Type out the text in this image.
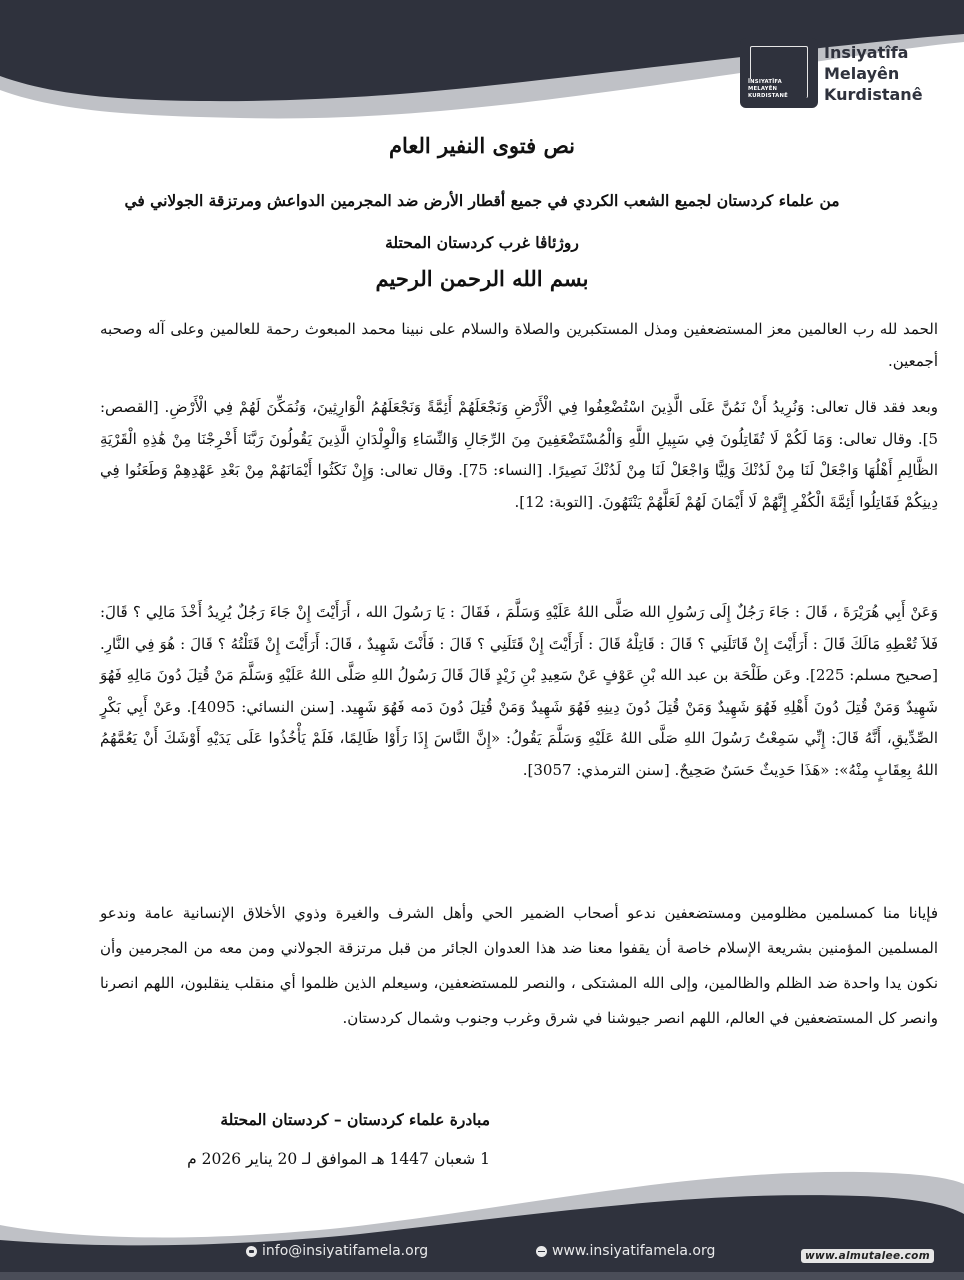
ÎNSIYATÎFA
MELAYÊN
KURDISTANÊ
Însiyatîfa
Melayên
Kurdistanê
نص فتوى النفير العام
من علماء كردستان لجميع الشعب الكردي في جميع أقطار الأرض ضد المجرمين الدواعش ومرتزقة الجولاني في روژئاڤا غرب كردستان المحتلة
بسم الله الرحمن الرحيم
الحمد لله رب العالمين معز المستضعفين ومذل المستكبرين والصلاة والسلام على نبينا محمد المبعوث رحمة للعالمين وعلى آله وصحبه أجمعين.
وبعد فقد قال تعالى: وَنُرِيدُ أَنْ نَمُنَّ عَلَى الَّذِينَ اسْتُضْعِفُوا فِي الْأَرْضِ وَنَجْعَلَهُمْ أَئِمَّةً وَنَجْعَلَهُمُ الْوَارِثِينَ، وَنُمَكِّنَ لَهُمْ فِي الْأَرْضِ. [القصص: 5]. وقال تعالى: وَمَا لَكُمْ لَا تُقَاتِلُونَ فِي سَبِيلِ اللَّهِ وَالْمُسْتَضْعَفِينَ مِنَ الرِّجَالِ وَالنِّسَاءِ وَالْوِلْدَانِ الَّذِينَ يَقُولُونَ رَبَّنَا أَخْرِجْنَا مِنْ هَٰذِهِ الْقَرْيَةِ الظَّالِمِ أَهْلُهَا وَاجْعَلْ لَنَا مِنْ لَدُنْكَ وَلِيًّا وَاجْعَلْ لَنَا مِنْ لَدُنْكَ نَصِيرًا. [النساء: 75]. وقال تعالى: وَإِنْ نَكَثُوا أَيْمَانَهُمْ مِنْ بَعْدِ عَهْدِهِمْ وَطَعَنُوا فِي دِينِكُمْ فَقَاتِلُوا أَئِمَّةَ الْكُفْرِ إِنَّهُمْ لَا أَيْمَانَ لَهُمْ لَعَلَّهُمْ يَنْتَهُونَ. [التوبة: 12].
وَعَنْ أَبِي هُرَيْرَةَ ، قَالَ : جَاءَ رَجُلٌ إِلَى رَسُولِ الله صَلَّى اللهُ عَلَيْهِ وَسَلَّمَ ، فَقَالَ : يَا رَسُولَ الله ، أَرَأَيْتَ إِنْ جَاءَ رَجُلٌ يُرِيدُ أَخْذَ مَالِي ؟ قَالَ: فَلاَ تُعْطِهِ مَالَكَ قَالَ : أَرَأَيْتَ إِنْ قَاتَلَنِي ؟ قَالَ : قَاتِلْهُ قَالَ : أَرَأَيْتَ إِنْ قَتَلَنِي ؟ قَالَ : فَأَنْتَ شَهِيدٌ ، قَالَ: أَرَأَيْتَ إِنْ قَتَلْتُهُ ؟ قَالَ : هُوَ فِي النَّارِ. [صحيح مسلم: 225]. وعَن طَلْحَة بن عبد الله بْنِ عَوْفٍ عَنْ سَعِيدِ بْنِ زَيْدٍ قَالَ قَالَ رَسُولُ اللهِ صَلَّى اللهُ عَلَيْهِ وَسَلَّمَ مَنْ قُتِلَ دُونَ مَالِهِ فَهُوَ شَهِيدٌ وَمَنْ قُتِلَ دُونَ أَهْلِهِ فَهُوَ شَهِيدٌ وَمَنْ قُتِلَ دُونَ دِينِهِ فَهُوَ شَهِيدٌ وَمَنْ قُتِلَ دُونَ دَمه فَهُوَ شَهِيد. [سنن النسائي: 4095]. وعَنْ أَبِي بَكْرٍ الصِّدِّيقِ، أَنَّهُ قَالَ: إِنِّي سَمِعْتُ رَسُولَ اللهِ صَلَّى اللهُ عَلَيْهِ وَسَلَّمَ يَقُولُ: «إِنَّ النَّاسَ إِذَا رَأَوْا ظَالِمًا، فَلَمْ يَأْخُذُوا عَلَى يَدَيْهِ أَوْشَكَ أَنْ يَعُمَّهُمُ اللهُ بِعِقَابٍ مِنْهُ»: «هَذَا حَدِيثٌ حَسَنٌ صَحِيحٌ. [سنن الترمذي: 3057].
فإيانا منا كمسلمين مظلومين ومستضعفين ندعو أصحاب الضمير الحي وأهل الشرف والغيرة وذوي الأخلاق الإنسانية عامة وندعو المسلمين المؤمنين بشريعة الإسلام خاصة أن يقفوا معنا ضد هذا العدوان الجائر من قبل مرتزقة الجولاني ومن معه من المجرمين وأن نكون يدا واحدة ضد الظلم والظالمين، وإلى الله المشتكى ، والنصر للمستضعفين، وسيعلم الذين ظلموا أي منقلب ينقلبون، اللهم انصرنا وانصر كل المستضعفين في العالم، اللهم انصر جيوشنا في شرق وغرب وجنوب وشمال كردستان.
مبادرة علماء كردستان – كردستان المحتلة
1 شعبان 1447 هـ الموافق لـ 20 يناير 2026 م
info@insiyatifamela.org	www.insiyatifamela.org	www.almutalee.com
